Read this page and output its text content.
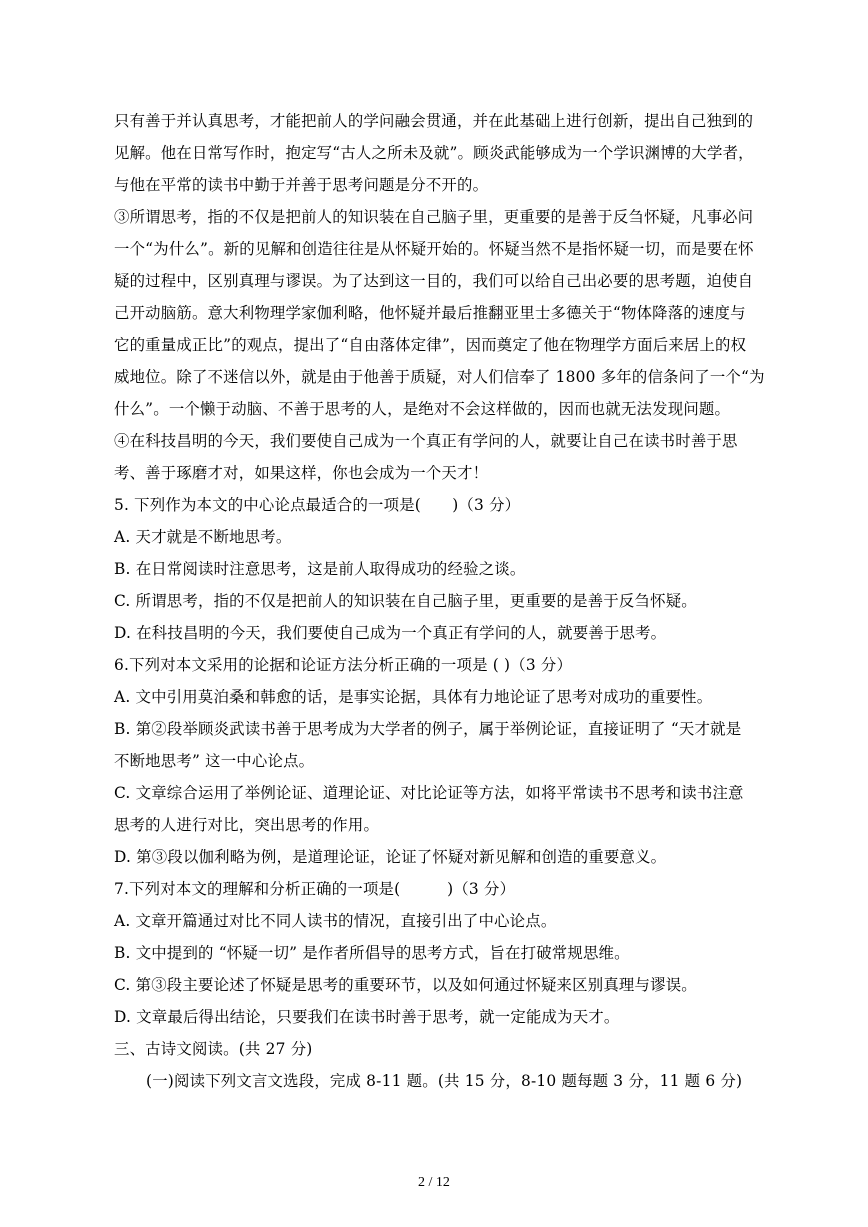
只有善于并认真思考，才能把前人的学问融会贯通，并在此基础上进行创新，提出自己独到的
见解。他在日常写作时，抱定写“古人之所未及就”。顾炎武能够成为一个学识渊博的大学者，
与他在平常的读书中勤于并善于思考问题是分不开的。
③所谓思考，指的不仅是把前人的知识装在自己脑子里，更重要的是善于反刍怀疑，凡事必问
一个“为什么”。新的见解和创造往往是从怀疑开始的。怀疑当然不是指怀疑一切，而是要在怀
疑的过程中，区别真理与谬误。为了达到这一目的，我们可以给自己出必要的思考题，迫使自
己开动脑筋。意大利物理学家伽利略，他怀疑并最后推翻亚里士多德关于“物体降落的速度与
它的重量成正比”的观点，提出了“自由落体定律”，因而奠定了他在物理学方面后来居上的权
威地位。除了不迷信以外，就是由于他善于质疑，对人们信奉了 1800 多年的信条问了一个“为
什么”。一个懒于动脑、不善于思考的人，是绝对不会这样做的，因而也就无法发现问题。
④在科技昌明的今天，我们要使自己成为一个真正有学问的人，就要让自己在读书时善于思
考、善于琢磨才对，如果这样，你也会成为一个天才！
5. 下列作为本文的中心论点最适合的一项是(　　)（3 分）
A. 天才就是不断地思考。
B. 在日常阅读时注意思考，这是前人取得成功的经验之谈。
C. 所谓思考，指的不仅是把前人的知识装在自己脑子里，更重要的是善于反刍怀疑。
D. 在科技昌明的今天，我们要使自己成为一个真正有学问的人，就要善于思考。
6.下列对本文采用的论据和论证方法分析正确的一项是 ( )（3 分）
A. 文中引用莫泊桑和韩愈的话，是事实论据，具体有力地论证了思考对成功的重要性。
B. 第②段举顾炎武读书善于思考成为大学者的例子，属于举例论证，直接证明了 “天才就是
不断地思考” 这一中心论点。
C. 文章综合运用了举例论证、道理论证、对比论证等方法，如将平常读书不思考和读书注意
思考的人进行对比，突出思考的作用。
D. 第③段以伽利略为例，是道理论证，论证了怀疑对新见解和创造的重要意义。
7.下列对本文的理解和分析正确的一项是(　　　)（3 分）
A. 文章开篇通过对比不同人读书的情况，直接引出了中心论点。
B. 文中提到的 “怀疑一切” 是作者所倡导的思考方式，旨在打破常规思维。
C. 第③段主要论述了怀疑是思考的重要环节，以及如何通过怀疑来区别真理与谬误。
D. 文章最后得出结论，只要我们在读书时善于思考，就一定能成为天才。
三、古诗文阅读。(共 27 分)
(一)阅读下列文言文选段，完成 8-11 题。(共 15 分，8-10 题每题 3 分，11 题 6 分)
2 / 12
